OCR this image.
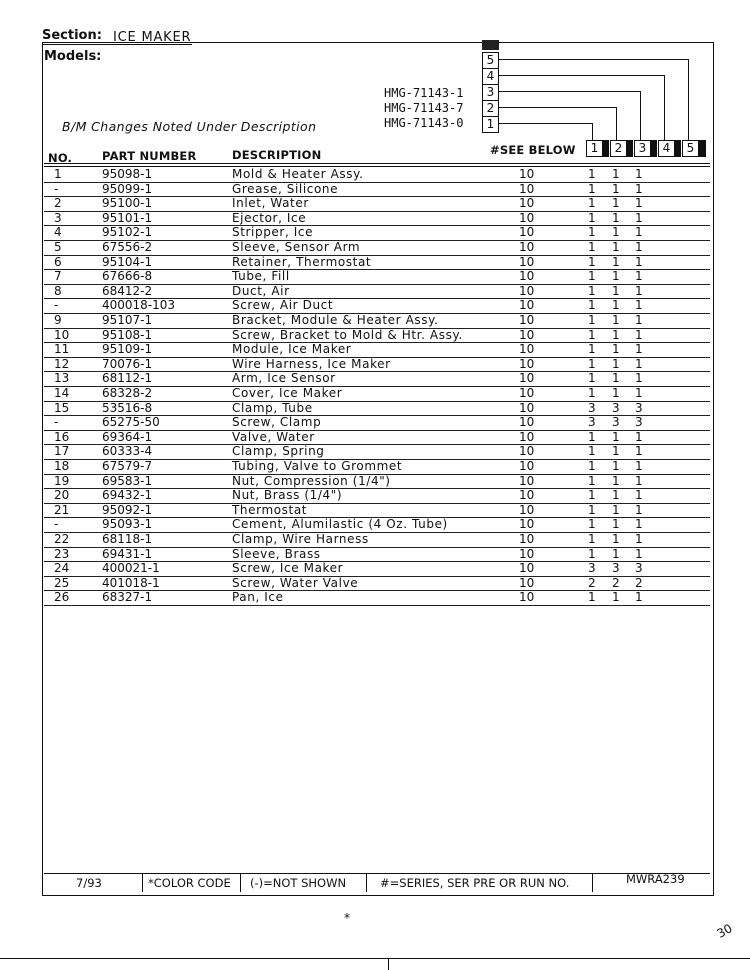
Section: ICE MAKER
Models:
B/M Changes Noted Under Description
HMG-71143-1
HMG-71143-7
HMG-71143-0
5
4
3
2
1
NO.	PART NUMBER	DESCRIPTION	#SEE BELOW	1	2	3	4	5
1	95098-1	Mold & Heater Assy.	10	1 1 1
-	95099-1	Grease, Silicone	10	1 1 1
2	95100-1	Inlet, Water	10	1 1 1
3	95101-1	Ejector, Ice	10	1 1 1
4	95102-1	Stripper, Ice	10	1 1 1
5	67556-2	Sleeve, Sensor Arm	10	1 1 1
6	95104-1	Retainer, Thermostat	10	1 1 1
7	67666-8	Tube, Fill	10	1 1 1
8	68412-2	Duct, Air	10	1 1 1
-	400018-103	Screw, Air Duct	10	1 1 1
9	95107-1	Bracket, Module & Heater Assy.	10	1 1 1
10	95108-1	Screw, Bracket to Mold & Htr. Assy.	10	1 1 1
11	95109-1	Module, Ice Maker	10	1 1 1
12	70076-1	Wire Harness, Ice Maker	10	1 1 1
13	68112-1	Arm, Ice Sensor	10	1 1 1
14	68328-2	Cover, Ice Maker	10	1 1 1
15	53516-8	Clamp, Tube	10	3 3 3
-	65275-50	Screw, Clamp	10	3 3 3
16	69364-1	Valve, Water	10	1 1 1
17	60333-4	Clamp, Spring	10	1 1 1
18	67579-7	Tubing, Valve to Grommet	10	1 1 1
19	69583-1	Nut, Compression (1/4")	10	1 1 1
20	69432-1	Nut, Brass (1/4")	10	1 1 1
21	95092-1	Thermostat	10	1 1 1
-	95093-1	Cement, Alumilastic (4 Oz. Tube)	10	1 1 1
22	68118-1	Clamp, Wire Harness	10	1 1 1
23	69431-1	Sleeve, Brass	10	1 1 1
24	400021-1	Screw, Ice Maker	10	3 3 3
25	401018-1	Screw, Water Valve	10	2 2 2
26	68327-1	Pan, Ice	10	1 1 1
7/93	*COLOR CODE (-)=NOT SHOWN	#=SERIES, SER PRE OR RUN NO.	MWRA239
*
30
